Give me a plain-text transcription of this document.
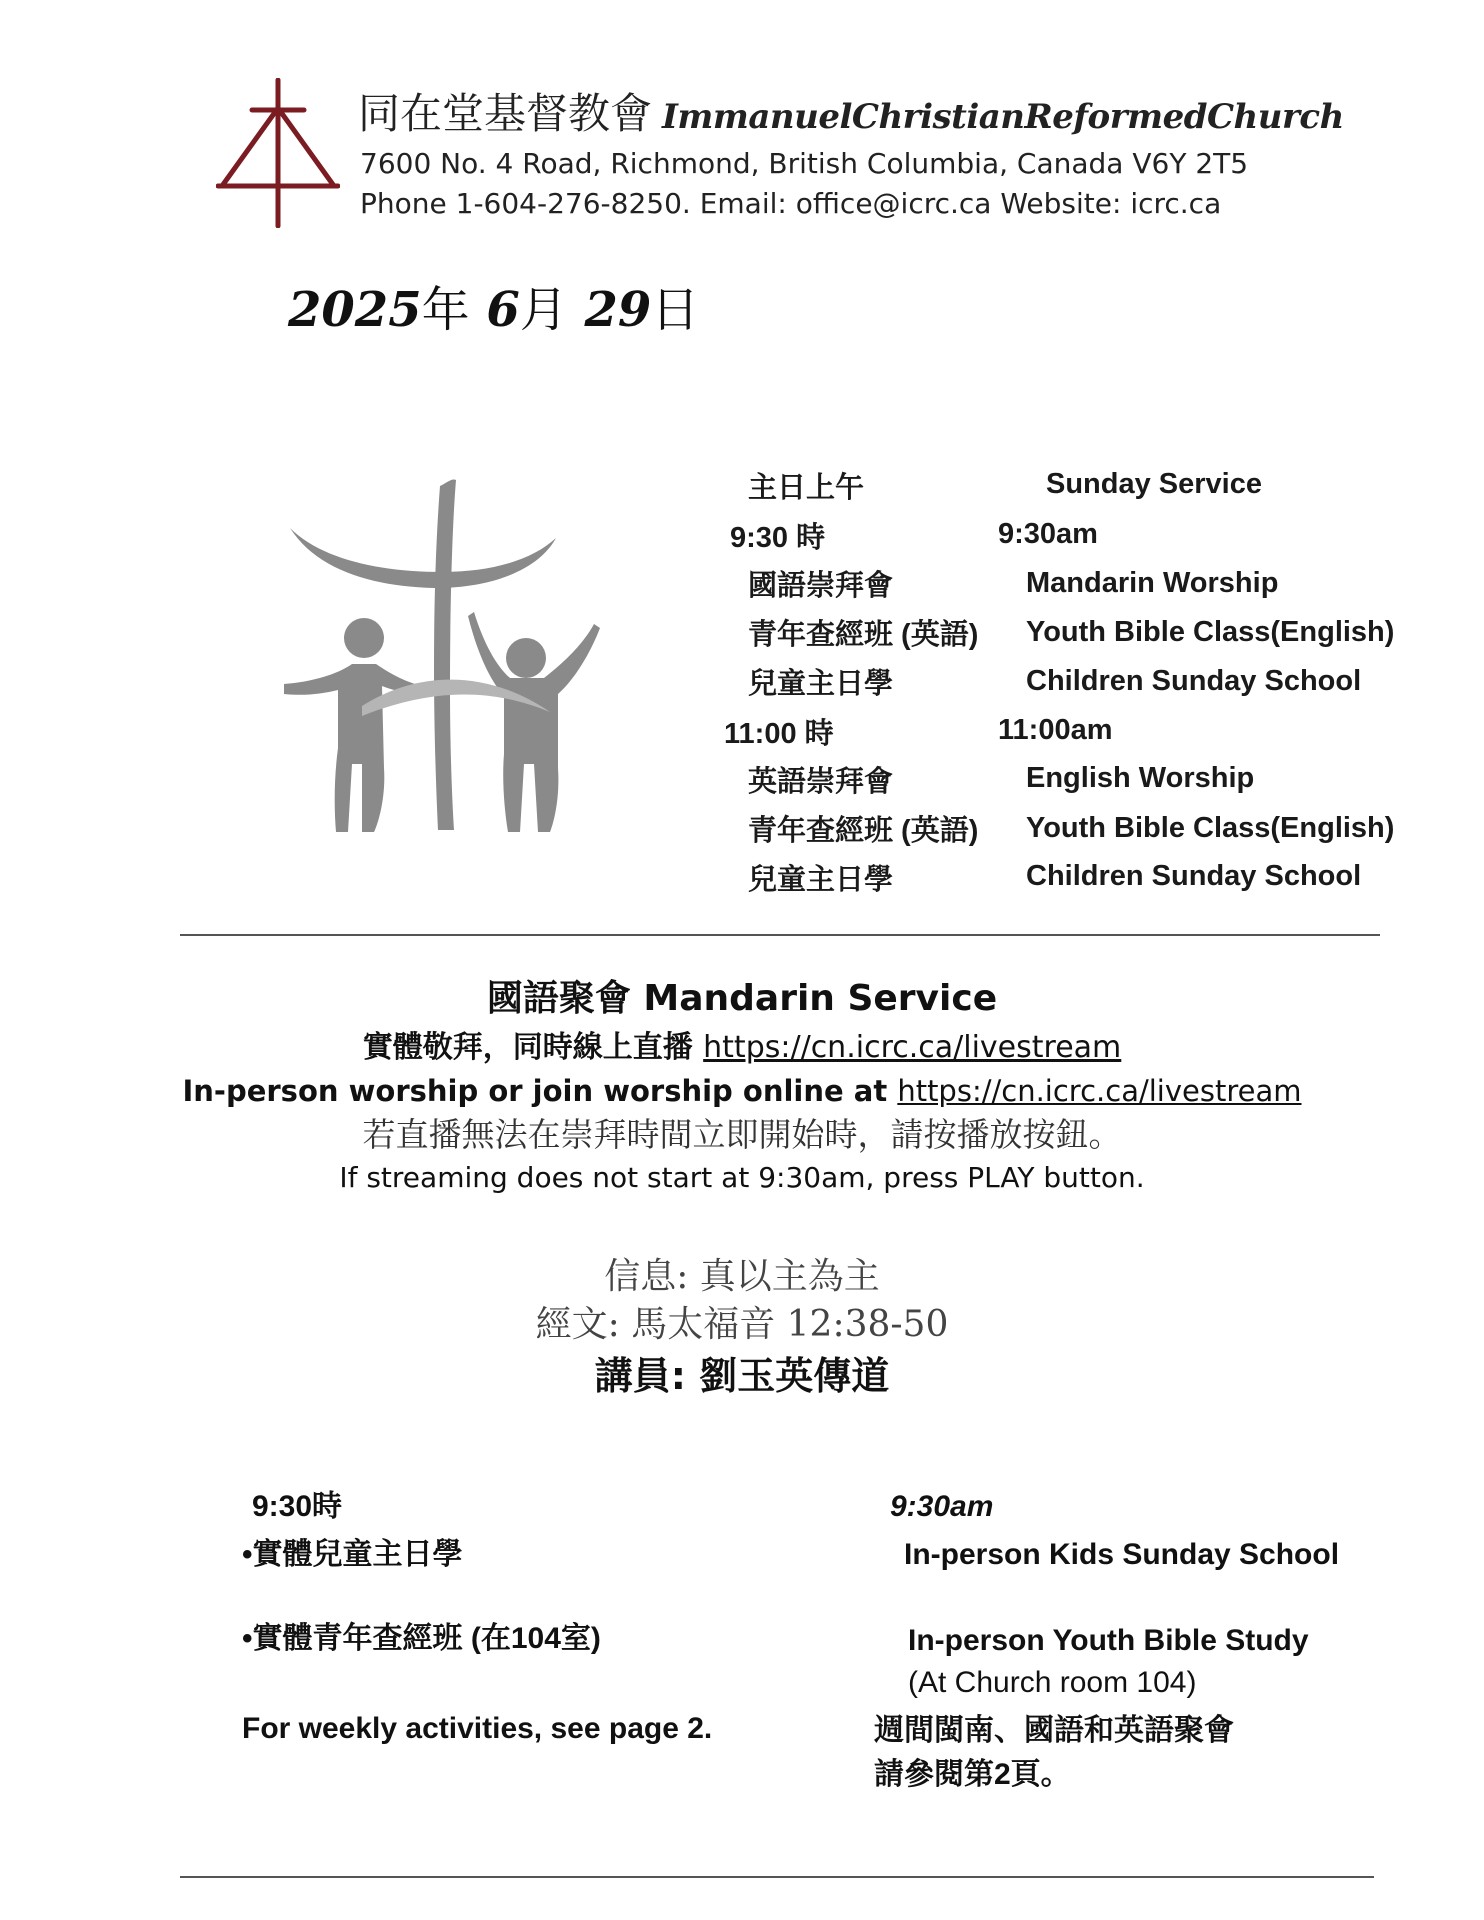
同在堂基督教會 ImmanuelChristianReformedChurch
7600 No. 4 Road, Richmond, British Columbia, Canada V6Y 2T5
Phone 1-604-276-8250. Email: office@icrc.ca Website: icrc.ca
2025年 6月 29日
主日上午
9:30 時
國語崇拜會
青年查經班 (英語)
兒童主日學
11:00 時
英語崇拜會
青年查經班 (英語)
兒童主日學
Sunday Service
9:30am
Mandarin Worship
Youth Bible Class(English)
Children Sunday School
11:00am
English Worship
Youth Bible Class(English)
Children Sunday School
國語聚會 Mandarin Service
實體敬拜，同時線上直播 https://cn.icrc.ca/livestream
In-person worship or join worship online at https://cn.icrc.ca/livestream
若直播無法在崇拜時間立即開始時，請按播放按鈕。
If streaming does not start at 9:30am, press PLAY button.
信息: 真以主為主
經文: 馬太福音 12:38-50
講員: 劉玉英傳道
9:30時
•實體兒童主日學
•實體青年查經班 (在104室)
For weekly activities, see page 2.
9:30am
In-person Kids Sunday School
In-person Youth Bible Study
(At Church room 104)
週間閩南、國語和英語聚會
請參閱第2頁。
